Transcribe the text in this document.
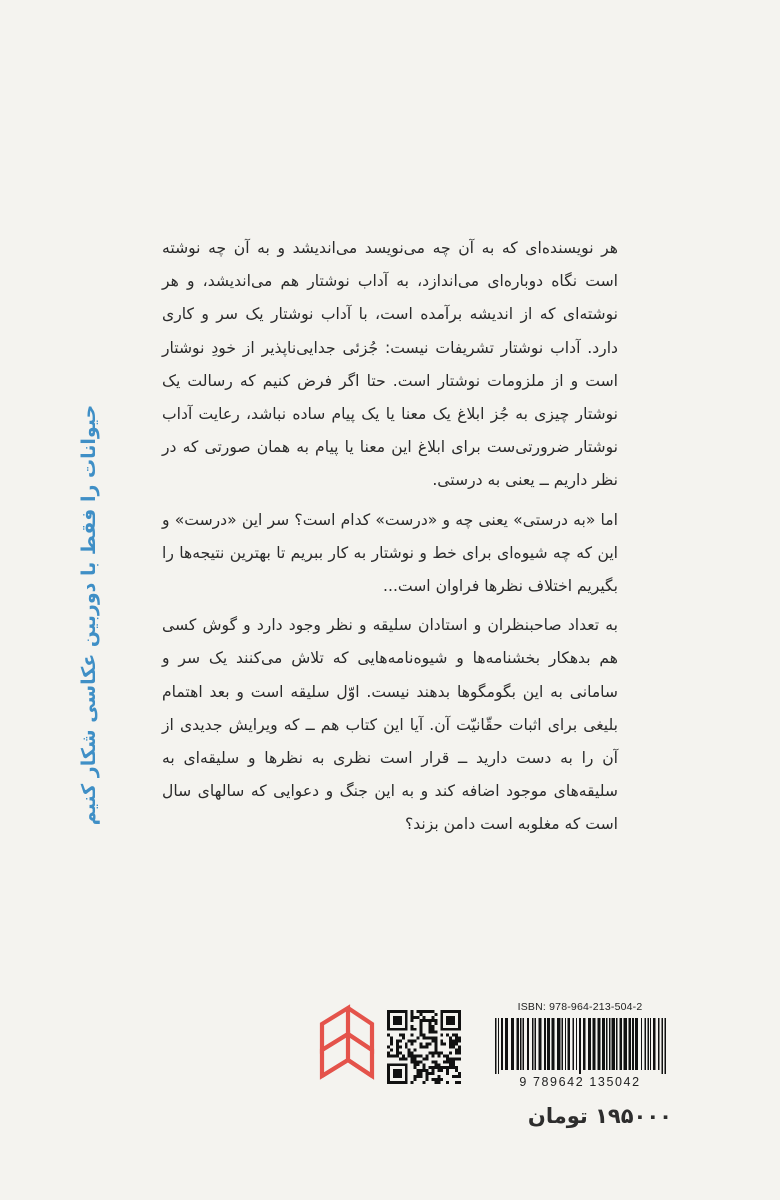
حیوانات را فقط با دوربین عکاسی شکار کنیم

هر نویسنده‌ای که به آن چه می‌نویسد می‌اندیشد و به آن چه نوشته است نگاه دوباره‌ای می‌اندازد، به آداب نوشتار هم می‌اندیشد، و هر نوشته‌ای که از اندیشه برآمده است، با آداب نوشتار یک سر و کاری دارد. آداب نوشتار تشریفات نیست: جُزئی جدایی‌ناپذیر از خودِ نوشتار است و از ملزومات نوشتار است. حتا اگر فرض کنیم که رسالت یک نوشتار چیزی به جُز ابلاغ یک معنا یا یک پیام ساده نباشد، رعایت آداب نوشتار ضرورتی‌ست برای ابلاغ این معنا یا پیام به همان صورتی که در نظر داریم ــ یعنی به درستی.

اما «به درستی» یعنی چه و «درست» کدام است؟ سر این «درست» و این که چه شیوه‌ای برای خط و نوشتار به کار ببریم تا بهترین نتیجه‌ها را بگیریم اختلاف نظرها فراوان است...

به تعداد صاحبنظران و استادان سلیقه و نظر وجود دارد و گوش کسی هم بدهکار بخشنامه‌ها و شیوه‌نامه‌هایی که تلاش می‌کنند یک سر و سامانی به این بگومگوها بدهند نیست. اوّل سلیقه است و بعد اهتمام بلیغی برای اثبات حقّانیّت آن. آیا این کتاب هم ــ که ویرایش جدیدی از آن را به دست دارید ــ قرار است نظری به نظرها و سلیقه‌ای به سلیقه‌های موجود اضافه کند و به این جنگ و دعوایی که سالهای سال است که مغلوبه است دامن بزند؟

ISBN: 978-964-213-504-2
9 789642 135042
۱۹۵۰۰۰ تومان
